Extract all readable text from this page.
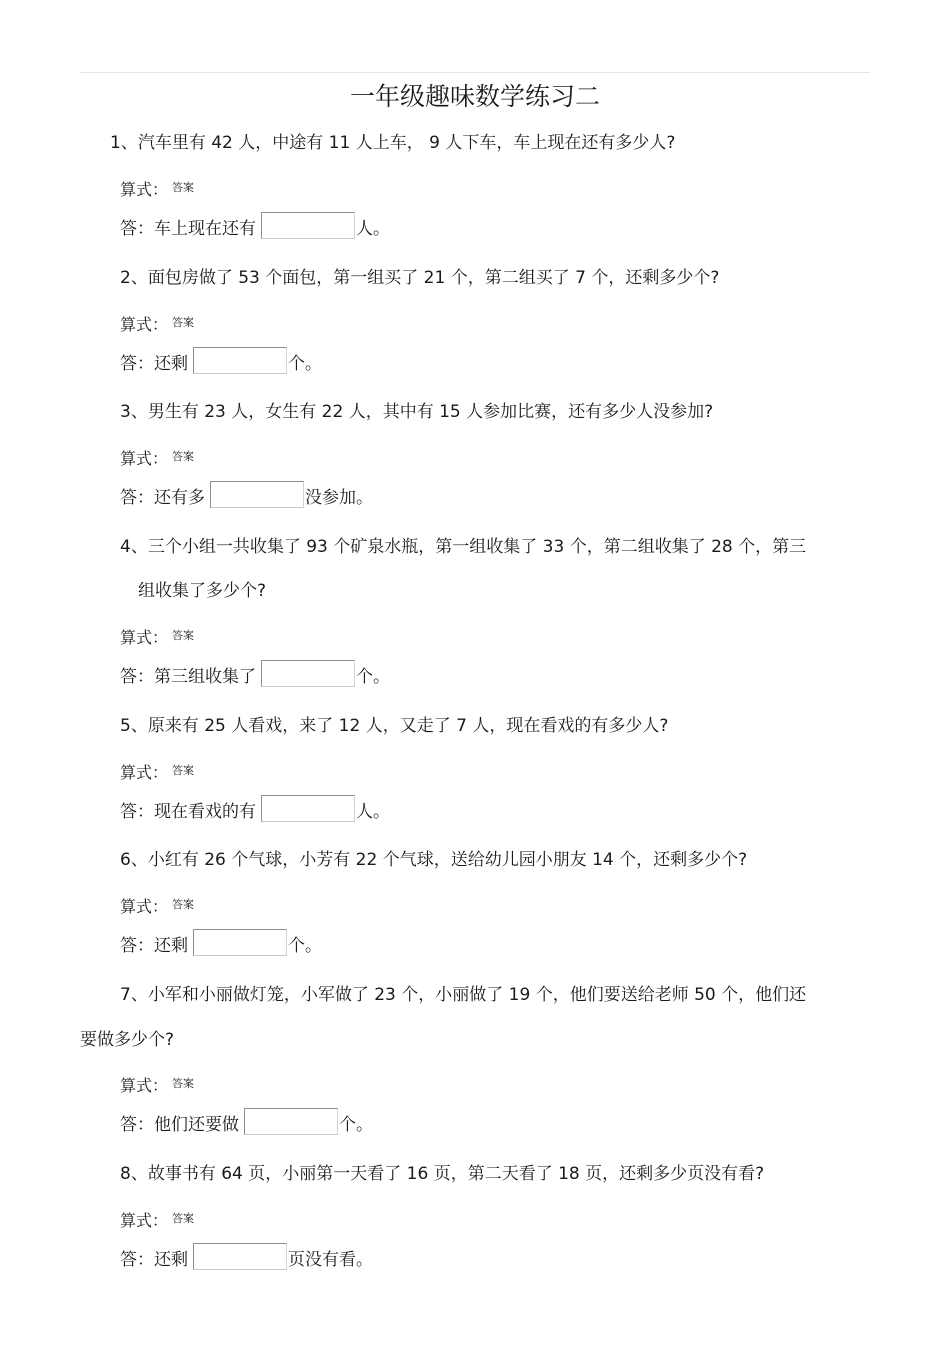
一年级趣味数学练习二
1、汽车里有 42 人，中途有 11 人上车， 9 人下车，车上现在还有多少人?
算式： $^{答案}$
答：车上现在还有	人。
2、面包房做了 53 个面包，第一组买了 21 个，第二组买了 7 个，还剩多少个?
算式： $^{答案}$
答：还剩	个。
3、男生有 23 人，女生有 22 人，其中有 15 人参加比赛，还有多少人没参加?
算式： $^{答案}$
答：还有多	没参加。
4、三个小组一共收集了 93 个矿泉水瓶，第一组收集了 33 个，第二组收集了 28 个，第三
组收集了多少个?
算式： $^{答案}$
答：第三组收集了	个。
5、原来有 25 人看戏，来了 12 人，又走了 7 人，现在看戏的有多少人?
算式： $^{答案}$
答：现在看戏的有	人。
6、小红有 26 个气球，小芳有 22 个气球，送给幼儿园小朋友 14 个，还剩多少个?
算式： $^{答案}$
答：还剩	个。
7、小军和小丽做灯笼，小军做了 23 个，小丽做了 19 个，他们要送给老师 50 个，他们还
要做多少个?
算式： $^{答案}$
答：他们还要做	个。
8、故事书有 64 页，小丽第一天看了 16 页，第二天看了 18 页，还剩多少页没有看?
算式： $^{答案}$
答：还剩	页没有看。
